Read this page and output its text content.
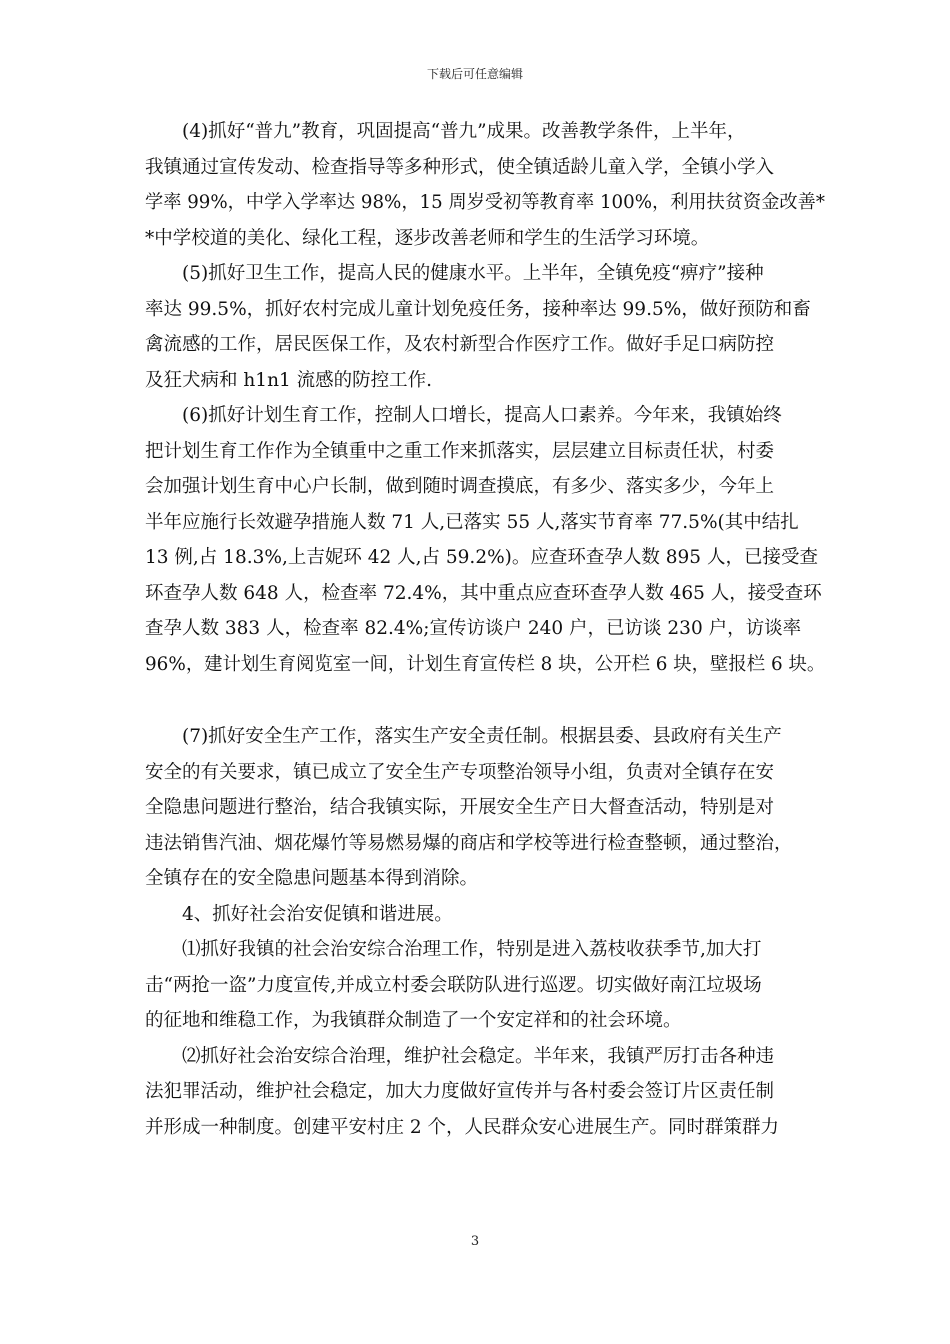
下载后可任意编辑

　　(4)抓好“普九”教育，巩固提高“普九”成果。改善教学条件，上半年，
我镇通过宣传发动、检查指导等多种形式，使全镇适龄儿童入学，全镇小学入
学率 99%，中学入学率达 98%，15 周岁受初等教育率 100%，利用扶贫资金改善*
*中学校道的美化、绿化工程，逐步改善老师和学生的生活学习环境。

　　(5)抓好卫生工作，提高人民的健康水平。上半年，全镇免疫“痹疗”接种
率达 99.5%，抓好农村完成儿童计划免疫任务，接种率达 99.5%，做好预防和畜
禽流感的工作，居民医保工作，及农村新型合作医疗工作。做好手足口病防控
及狂犬病和 h1n1 流感的防控工作.

　　(6)抓好计划生育工作，控制人口增长，提高人口素养。今年来，我镇始终
把计划生育工作作为全镇重中之重工作来抓落实，层层建立目标责任状，村委
会加强计划生育中心户长制，做到随时调查摸底，有多少、落实多少，今年上
半年应施行长效避孕措施人数 71 人,已落实 55 人,落实节育率 77.5%(其中结扎
13 例,占 18.3%,上吉妮环 42 人,占 59.2%)。应查环查孕人数 895 人，已接受查
环查孕人数 648 人，检查率 72.4%，其中重点应查环查孕人数 465 人，接受查环
查孕人数 383 人，检查率 82.4%;宣传访谈户 240 户，已访谈 230 户，访谈率
96%，建计划生育阅览室一间，计划生育宣传栏 8 块，公开栏 6 块，壁报栏 6 块。

　　(7)抓好安全生产工作，落实生产安全责任制。根据县委、县政府有关生产
安全的有关要求，镇已成立了安全生产专项整治领导小组，负责对全镇存在安
全隐患问题进行整治，结合我镇实际，开展安全生产日大督查活动，特别是对
违法销售汽油、烟花爆竹等易燃易爆的商店和学校等进行检查整顿，通过整治，
全镇存在的安全隐患问题基本得到消除。

　　4、抓好社会治安促镇和谐进展。

　　⑴抓好我镇的社会治安综合治理工作，特别是进入荔枝收获季节,加大打
击“两抢一盗”力度宣传,并成立村委会联防队进行巡逻。切实做好南江垃圾场
的征地和维稳工作，为我镇群众制造了一个安定祥和的社会环境。

　　⑵抓好社会治安综合治理，维护社会稳定。半年来，我镇严厉打击各种违
法犯罪活动，维护社会稳定，加大力度做好宣传并与各村委会签订片区责任制
并形成一种制度。创建平安村庄 2 个，人民群众安心进展生产。同时群策群力

3
